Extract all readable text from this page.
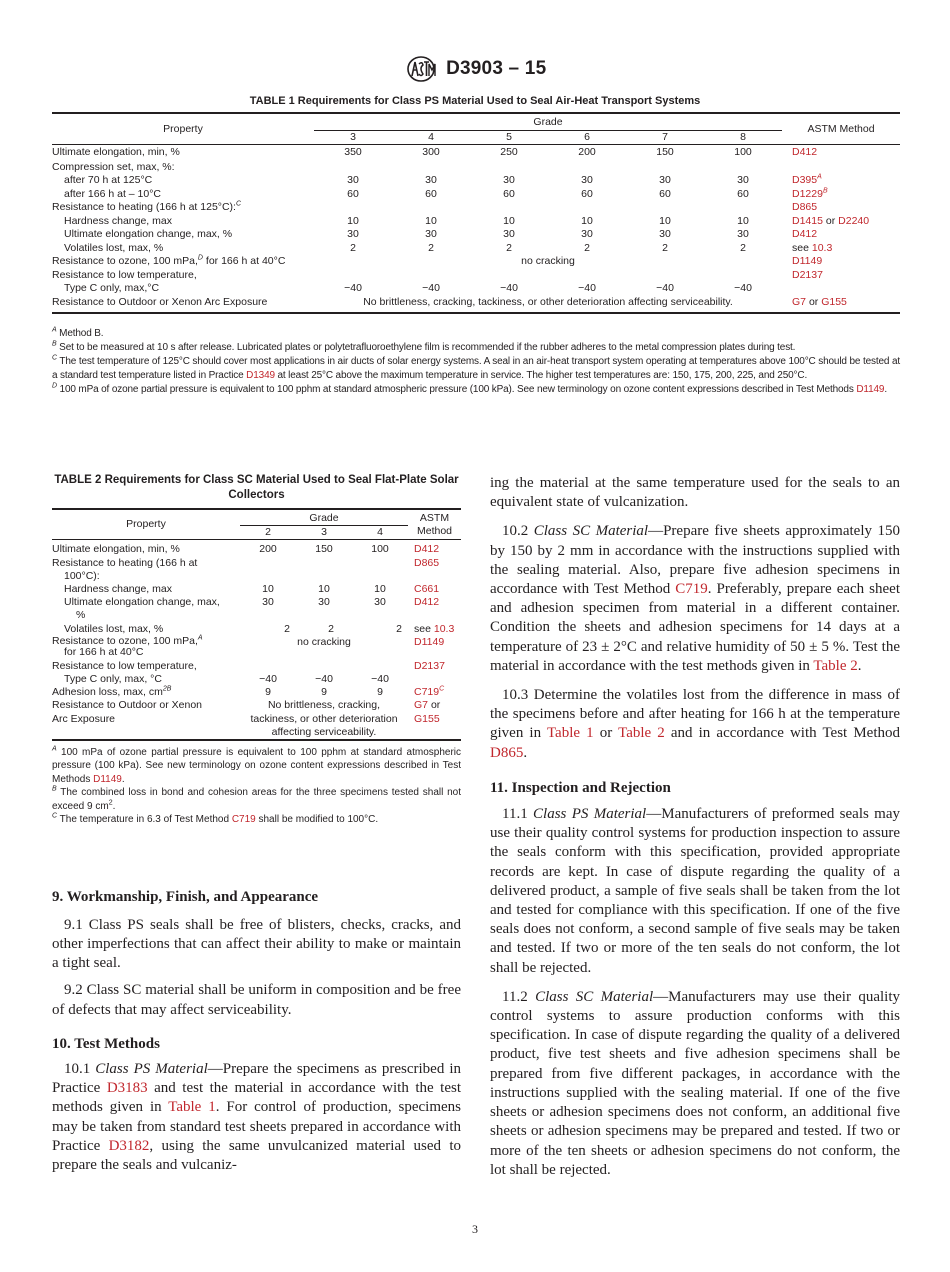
D3903 – 15
TABLE 1 Requirements for Class PS Material Used to Seal Air-Heat Transport Systems

Property	Grade						ASTM Method
	3	4	5	6	7	8	
Ultimate elongation, min, %	350	300	250	200	150	100	D412
Compression set, max, %:							
after 70 h at 125°C	30	30	30	30	30	30	$D395^A$
after 166 h at – 10°C	60	60	60	60	60	60	$D1229^B$
Resistance to heating (166 h at 125°C):$^C$							D865
Hardness change, max	10	10	10	10	10	10	D1415 or D2240
Ultimate elongation change, max, %	30	30	30	30	30	30	D412
Volatiles lost, max, %	2	2	2	2	2	2	see 10.3
Resistance to ozone, 100 mPa,$^D$ for 166 h at 40°C	no cracking						D1149
Resistance to low temperature,							D2137
Type C only, max,°C	−40	−40	−40	−40	−40	−40	
Resistance to Outdoor or Xenon Arc Exposure	No brittleness, cracking, tackiness, or other deterioration affecting serviceability.						G7 or G155

$^A$ Method B.

$^B$ Set to be measured at 10 s after release. Lubricated plates or polytetrafluoroethylene film is recommended if the rubber adheres to the metal compression plates during test.

$^C$ The test temperature of 125°C should cover most applications in air ducts of solar energy systems. A seal in an air-heat transport system operating at temperatures above 100°C should be tested at a standard test temperature listed in Practice D1349 at least 25°C above the maximum temperature in service. The higher test temperatures are: 150, 175, 200, 225, and 250°C.

$^D$ 100 mPa of ozone partial pressure is equivalent to 100 pphm at standard atmospheric pressure (100 kPa). See new terminology on ozone content expressions described in Test Methods D1149.

TABLE 2 Requirements for Class SC Material Used to Seal Flat-Plate Solar Collectors
Property	Grade			ASTM
Method
	2	3	4	
Ultimate elongation, min, %	200	150	100	D412
Resistance to heating (166 h at 100°C):				D865
Hardness change, max	10	10	10	C661
Ultimate elongation change, max, %	30	30	30	D412
Volatiles lost, max, %	2	2	2	see 10.3
Resistance to ozone, 100 mPa,$^A$
for 166 h at 40°C	no cracking			D1149
Resistance to low temperature,				D2137
Type C only, max, °C	−40	−40	−40	
Adhesion loss, max, $cm^{2B}$	9	9	9	$C719^C$
Resistance to Outdoor or Xenon Arc Exposure	No brittleness, cracking, tackiness, or other deterioration affecting serviceability.			G7 or
G155

$^A$ 100 mPa of ozone partial pressure is equivalent to 100 pphm at standard atmospheric pressure (100 kPa). See new terminology on ozone content expressions described in Test Methods D1149.

$^B$ The combined loss in bond and cohesion areas for the three specimens tested shall not exceed 9 $cm^2$.

$^C$ The temperature in 6.3 of Test Method C719 shall be modified to 100°C.

9. Workmanship, Finish, and Appearance

9.1 Class PS seals shall be free of blisters, checks, cracks, and other imperfections that can affect their ability to make or maintain a tight seal.

9.2 Class SC material shall be uniform in composition and be free of defects that may affect serviceability.

10. Test Methods

10.1 Class PS Material—Prepare the specimens as prescribed in Practice D3183 and test the material in accordance with the test methods given in Table 1. For control of production, specimens may be taken from standard test sheets prepared in accordance with Practice D3182, using the same unvulcanized material used to prepare the seals and vulcaniz-

ing the material at the same temperature used for the seals to an equivalent state of vulcanization.

10.2 Class SC Material—Prepare five sheets approximately 150 by 150 by 2 mm in accordance with the instructions supplied with the sealing material. Also, prepare five adhesion specimens in accordance with Test Method C719. Preferably, prepare each sheet and adhesion specimen from material in a different container. Condition the sheets and adhesion specimens for 14 days at a temperature of 23 ± 2°C and relative humidity of 50 ± 5 %. Test the material in accordance with the test methods given in Table 2.

10.3 Determine the volatiles lost from the difference in mass of the specimens before and after heating for 166 h at the temperature given in Table 1 or Table 2 and in accordance with Test Method D865.

11. Inspection and Rejection

11.1 Class PS Material—Manufacturers of preformed seals may use their quality control systems for production inspection to assure the seals conform with this specification, provided appropriate records are kept. In case of dispute regarding the quality of a delivered product, a sample of five seals shall be taken from the lot and tested for compliance with this specification. If one of the five seals does not conform, a second sample of five seals may be taken and tested. If two or more of the ten seals do not conform, the lot shall be rejected.

11.2 Class SC Material—Manufacturers may use their quality control systems to assure production conforms with this specification. In case of dispute regarding the quality of a delivered product, five test sheets and five adhesion specimens shall be prepared from five different packages, in accordance with the instructions supplied with the sealing material. If one of the five sheets or adhesion specimens does not conform, an additional five sheets or adhesion specimens may be prepared and tested. If two or more of the ten sheets or adhesion specimens do not conform, the lot shall be rejected.

3
